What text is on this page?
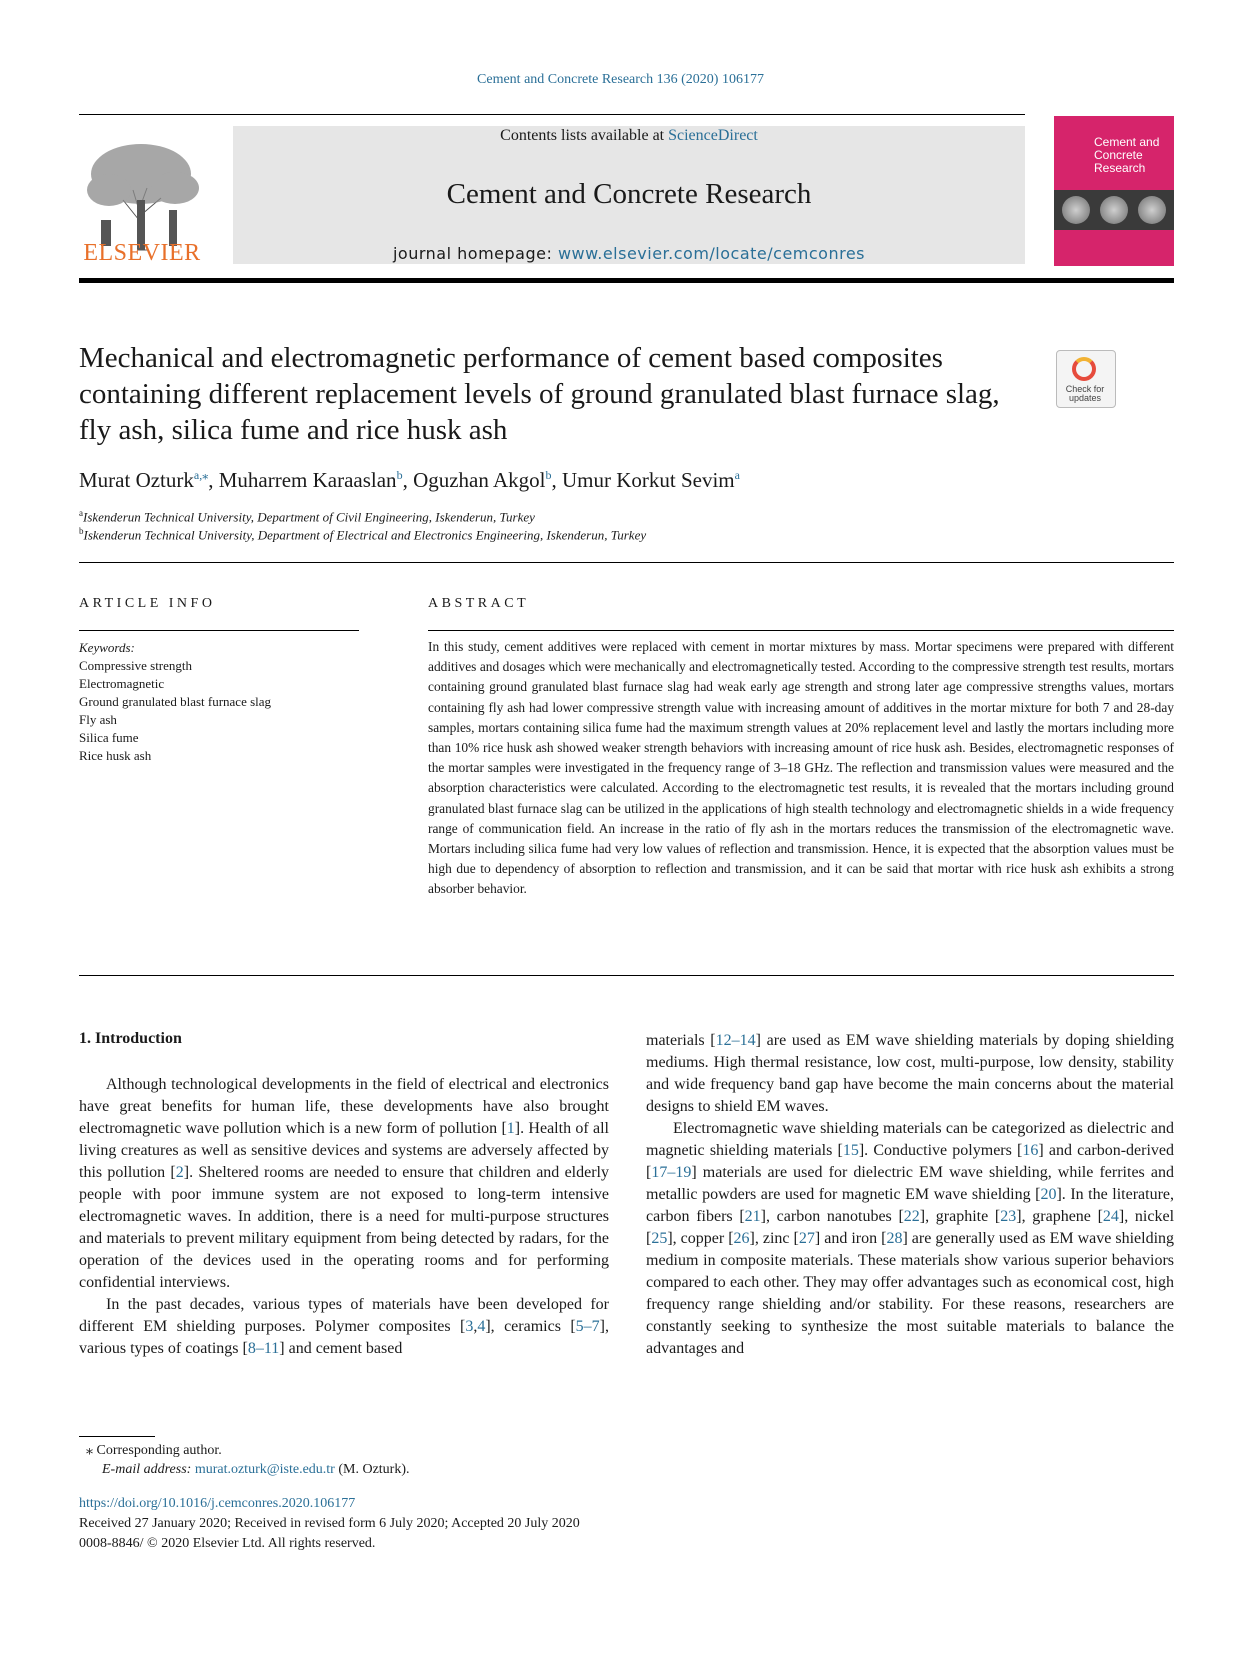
Cement and Concrete Research 136 (2020) 106177
ELSEVIER
Contents lists available at ScienceDirect
Cement and Concrete Research
journal homepage: www.elsevier.com/locate/cemconres
Cement and
Concrete
Research
Mechanical and electromagnetic performance of cement based composites containing different replacement levels of ground granulated blast furnace slag, fly ash, silica fume and rice husk ash
Check for
updates
Murat Ozturk$^{a,⁎}$, Muharrem Karaaslan$^b$, Oguzhan Akgol$^b$, Umur Korkut Sevim$^a$
$^a$Iskenderun Technical University, Department of Civil Engineering, Iskenderun, Turkey
$^b$Iskenderun Technical University, Department of Electrical and Electronics Engineering, Iskenderun, Turkey
ARTICLE INFO	ABSTRACT
Keywords:
Compressive strength
Electromagnetic
Ground granulated blast furnace slag
Fly ash
Silica fume
Rice husk ash
In this study, cement additives were replaced with cement in mortar mixtures by mass. Mortar specimens were prepared with different additives and dosages which were mechanically and electromagnetically tested. According to the compressive strength test results, mortars containing ground granulated blast furnace slag had weak early age strength and strong later age compressive strengths values, mortars containing fly ash had lower compressive strength value with increasing amount of additives in the mortar mixture for both 7 and 28-day samples, mortars containing silica fume had the maximum strength values at 20% replacement level and lastly the mortars including more than 10% rice husk ash showed weaker strength behaviors with increasing amount of rice husk ash. Besides, electromagnetic responses of the mortar samples were investigated in the frequency range of 3–18 GHz. The reflection and transmission values were measured and the absorption characteristics were calculated. According to the electromagnetic test results, it is revealed that the mortars including ground granulated blast furnace slag can be utilized in the applications of high stealth technology and electromagnetic shields in a wide frequency range of communication field. An increase in the ratio of fly ash in the mortars reduces the transmission of the electromagnetic wave. Mortars including silica fume had very low values of reflection and transmission. Hence, it is expected that the absorption values must be high due to dependency of absorption to reflection and transmission, and it can be said that mortar with rice husk ash exhibits a strong absorber behavior.
1. Introduction

Although technological developments in the field of electrical and electronics have great benefits for human life, these developments have also brought electromagnetic wave pollution which is a new form of pollution [1]. Health of all living creatures as well as sensitive devices and systems are adversely affected by this pollution [2]. Sheltered rooms are needed to ensure that children and elderly people with poor immune system are not exposed to long-term intensive electromagnetic waves. In addition, there is a need for multi-purpose structures and materials to prevent military equipment from being detected by radars, for the operation of the devices used in the operating rooms and for performing confidential interviews.

In the past decades, various types of materials have been developed for different EM shielding purposes. Polymer composites [3,4], ceramics [5–7], various types of coatings [8–11] and cement based

materials [12–14] are used as EM wave shielding materials by doping shielding mediums. High thermal resistance, low cost, multi-purpose, low density, stability and wide frequency band gap have become the main concerns about the material designs to shield EM waves.

Electromagnetic wave shielding materials can be categorized as dielectric and magnetic shielding materials [15]. Conductive polymers [16] and carbon-derived [17–19] materials are used for dielectric EM wave shielding, while ferrites and metallic powders are used for magnetic EM wave shielding [20]. In the literature, carbon fibers [21], carbon nanotubes [22], graphite [23], graphene [24], nickel [25], copper [26], zinc [27] and iron [28] are generally used as EM wave shielding medium in composite materials. These materials show various superior behaviors compared to each other. They may offer advantages such as economical cost, high frequency range shielding and/or stability. For these reasons, researchers are constantly seeking to synthesize the most suitable materials to balance the advantages and

⁎ Corresponding author.
E-mail address: murat.ozturk@iste.edu.tr (M. Ozturk).
https://doi.org/10.1016/j.cemconres.2020.106177
Received 27 January 2020; Received in revised form 6 July 2020; Accepted 20 July 2020
0008-8846/ © 2020 Elsevier Ltd. All rights reserved.
